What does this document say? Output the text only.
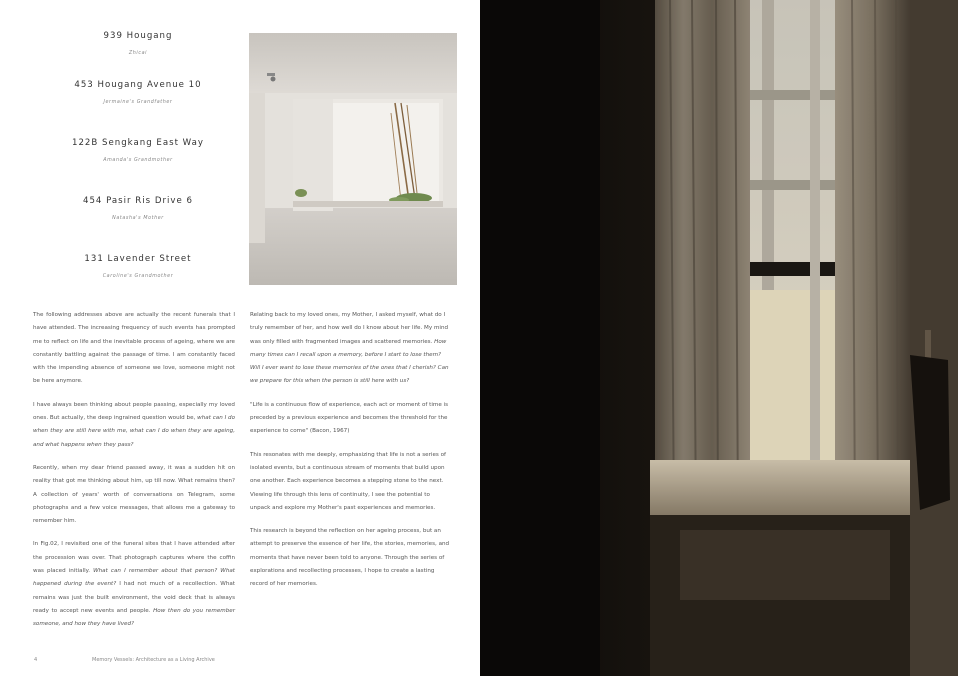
939 Hougang
Zhicai
453 Hougang Avenue 10
Jermaine's Grandfather
122B Sengkang East Way
Amanda's Grandmother
454 Pasir Ris Drive 6
Natasha's Mother
131 Lavender Street
Caroline's Grandmother

The following addresses above are actually the recent funerals that I have attended. The increasing frequency of such events has prompted me to reflect on life and the inevitable process of ageing, where we are constantly battling against the passage of time. I am constantly faced with the impending absence of someone we love, someone might not be here anymore.

I have always been thinking about people passing, especially my loved ones. But actually, the deep ingrained question would be, what can I do when they are still here with me, what can I do when they are ageing, and what happens when they pass?

Recently, when my dear friend passed away, it was a sudden hit on reality that got me thinking about him, up till now. What remains then? A collection of years' worth of conversations on Telegram, some photographs and a few voice messages, that allows me a gateway to remember him.

In Fig.02, I revisited one of the funeral sites that I have attended after the procession was over. That photograph captures where the coffin was placed initially. What can I remember about that person? What happened during the event? I had not much of a recollection. What remains was just the built environment, the void deck that is always ready to accept new events and people. How then do you remember someone, and how they have lived?

Relating back to my loved ones, my Mother, I asked myself, what do I truly remember of her, and how well do I know about her life. My mind was only filled with fragmented images and scattered memories. How many times can I recall upon a memory, before I start to lose them? Will I ever want to lose these memories of the ones that I cherish? Can we prepare for this when the person is still here with us?

"Life is a continuous flow of experience, each act or moment of time is preceded by a previous experience and becomes the threshold for the experience to come" (Bacon, 1967)

This resonates with me deeply, emphasizing that life is not a series of isolated events, but a continuous stream of moments that build upon one another. Each experience becomes a stepping stone to the next. Viewing life through this lens of continuity, I see the potential to unpack and explore my Mother's past experiences and memories.

This research is beyond the reflection on her ageing process, but an attempt to preserve the essence of her life, the stories, memories, and moments that have never been told to anyone. Through the series of explorations and recollecting processes, I hope to create a lasting record of her memories.

4	Memory Vessels: Architecture as a Living Archive
